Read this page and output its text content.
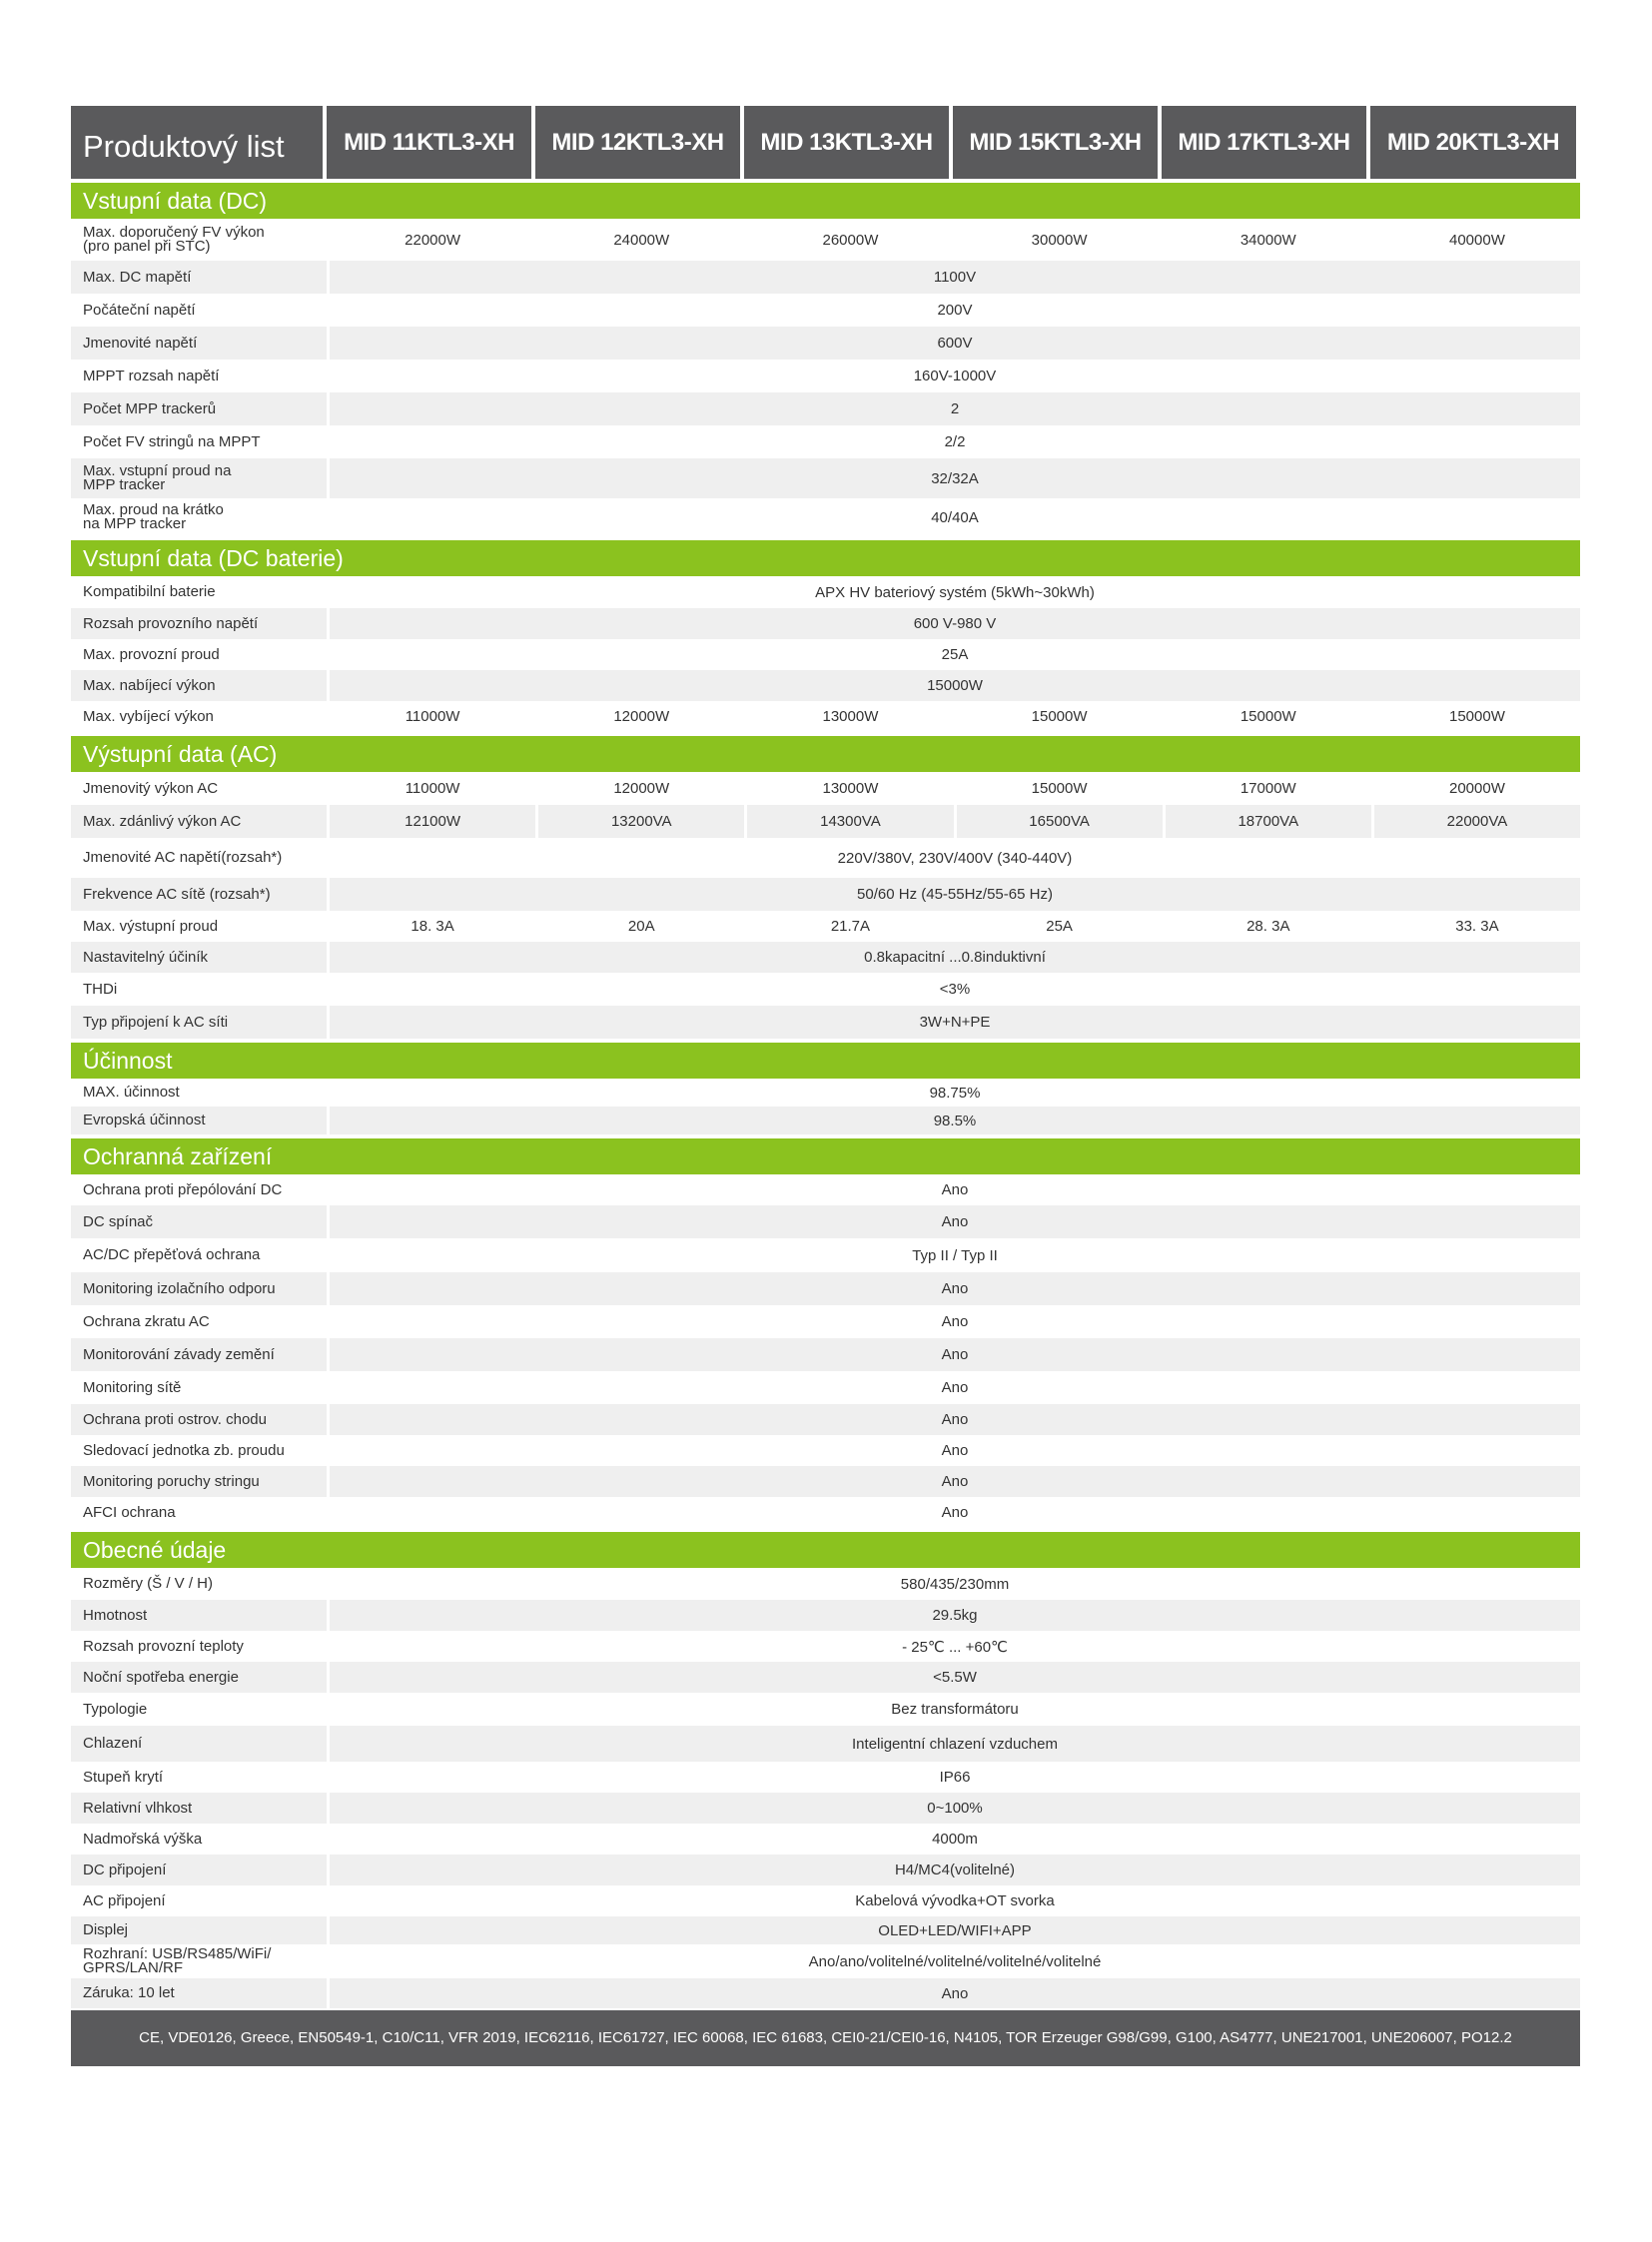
Produktový list	MID 11KTL3-XH	MID 12KTL3-XH	MID 13KTL3-XH	MID 15KTL3-XH	MID 17KTL3-XH	MID 20KTL3-XH
Vstupní data (DC)
Max. doporučený FV výkon
(pro panel při STC)	22000W	24000W	26000W	30000W	34000W	40000W
Max. DC mapětí	1100V
Počáteční napětí	200V
Jmenovité napětí	600V
MPPT rozsah napětí	160V-1000V
Počet MPP trackerů	2
Počet FV stringů na MPPT	2/2
Max. vstupní proud na
MPP tracker	32/32A
Max. proud na krátko
na MPP tracker	40/40A
Vstupní data (DC baterie)
Kompatibilní baterie	APX HV bateriový systém (5kWh~30kWh)
Rozsah provozního napětí	600 V-980 V
Max. provozní proud	25A
Max. nabíjecí výkon	15000W
Max. vybíjecí výkon	11000W	12000W	13000W	15000W	15000W	15000W
Výstupní data (AC)
Jmenovitý výkon AC	11000W	12000W	13000W	15000W	17000W	20000W
Max. zdánlivý výkon AC	12100W	13200VA	14300VA	16500VA	18700VA	22000VA
Jmenovité AC napětí(rozsah*)	220V/380V, 230V/400V (340-440V)
Frekvence AC sítě (rozsah*)	50/60 Hz (45-55Hz/55-65 Hz)
Max. výstupní proud	18. 3A	20A	21.7A	25A	28. 3A	33. 3A
Nastavitelný účiník	0.8kapacitní ...0.8induktivní
THDi	<3%
Typ připojení k AC síti	3W+N+PE
Účinnost
MAX. účinnost	98.75%
Evropská účinnost	98.5%
Ochranná zařízení
Ochrana proti přepólování DC	Ano
DC spínač	Ano
AC/DC přepěťová ochrana	Typ II / Typ II
Monitoring izolačního odporu	Ano
Ochrana zkratu AC	Ano
Monitorování závady zemění	Ano
Monitoring sítě	Ano
Ochrana proti ostrov. chodu	Ano
Sledovací jednotka zb. proudu	Ano
Monitoring poruchy stringu	Ano
AFCI ochrana	Ano
Obecné údaje
Rozměry (Š / V / H)	580/435/230mm
Hmotnost	29.5kg
Rozsah provozní teploty	- 25℃ ... +60℃
Noční spotřeba energie	<5.5W
Typologie	Bez transformátoru
Chlazení	Inteligentní chlazení vzduchem
Stupeň krytí	IP66
Relativní vlhkost	0~100%
Nadmořská výška	4000m
DC připojení	H4/MC4(volitelné)
AC připojení	Kabelová vývodka+OT svorka
Displej	OLED+LED/WIFI+APP
Rozhraní: USB/RS485/WiFi/
GPRS/LAN/RF	Ano/ano/volitelné/volitelné/volitelné/volitelné
Záruka: 10 let	Ano
CE, VDE0126, Greece, EN50549-1, C10/C11, VFR 2019, IEC62116, IEC61727, IEC 60068, IEC 61683, CEI0-21/CEI0-16, N4105, TOR Erzeuger G98/G99, G100, AS4777, UNE217001, UNE206007, PO12.2
